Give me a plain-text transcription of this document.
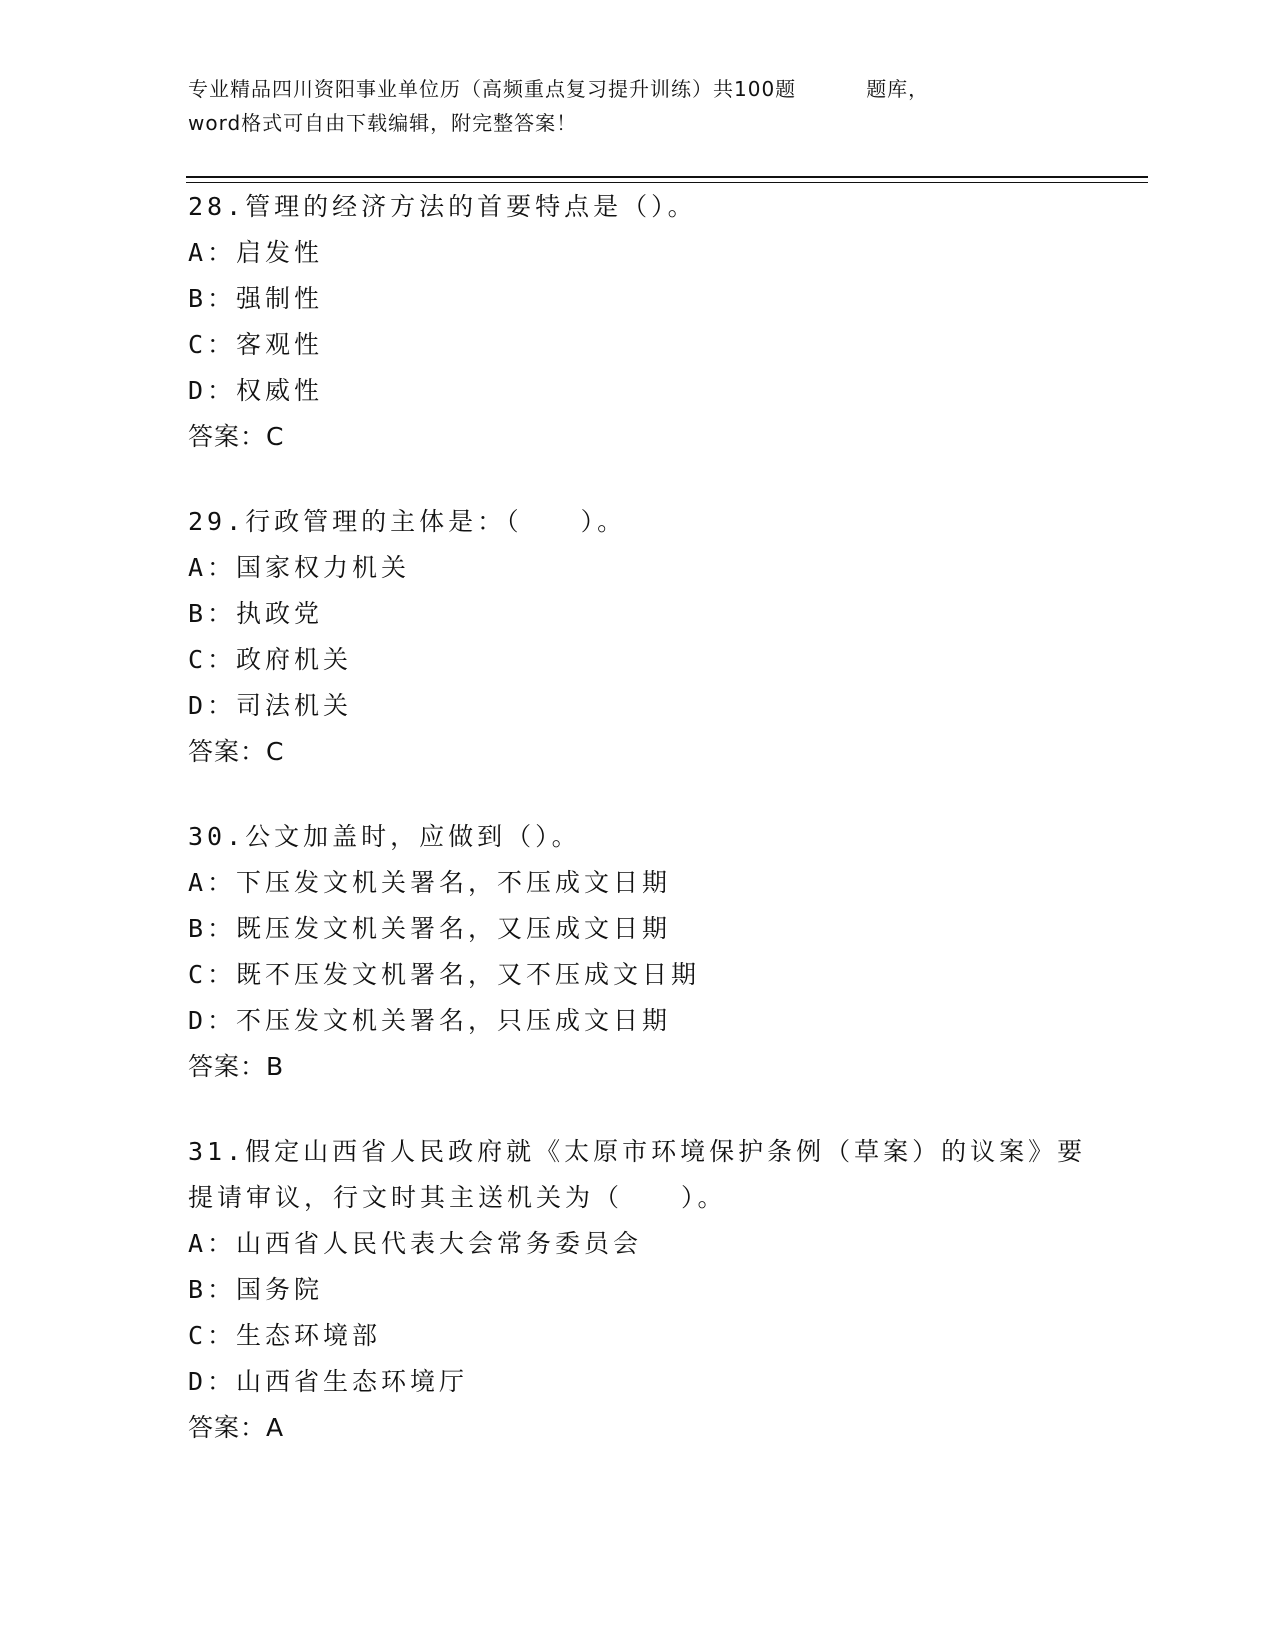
专业精品四川资阳事业单位历（高频重点复习提升训练）共100题	题库，
word格式可自由下载编辑，附完整答案！

28.管理的经济方法的首要特点是（）。

A：启发性

B：强制性

C：客观性

D：权威性

答案：C

29.行政管理的主体是：（　　）。

A：国家权力机关

B：执政党

C：政府机关

D：司法机关

答案：C

30.公文加盖时，应做到（）。

A：下压发文机关署名，不压成文日期

B：既压发文机关署名，又压成文日期

C：既不压发文机署名，又不压成文日期

D：不压发文机关署名，只压成文日期

答案：B

31.假定山西省人民政府就《太原市环境保护条例（草案）的议案》要

提请审议，行文时其主送机关为（　　）。

A：山西省人民代表大会常务委员会

B：国务院

C：生态环境部

D：山西省生态环境厅

答案：A
